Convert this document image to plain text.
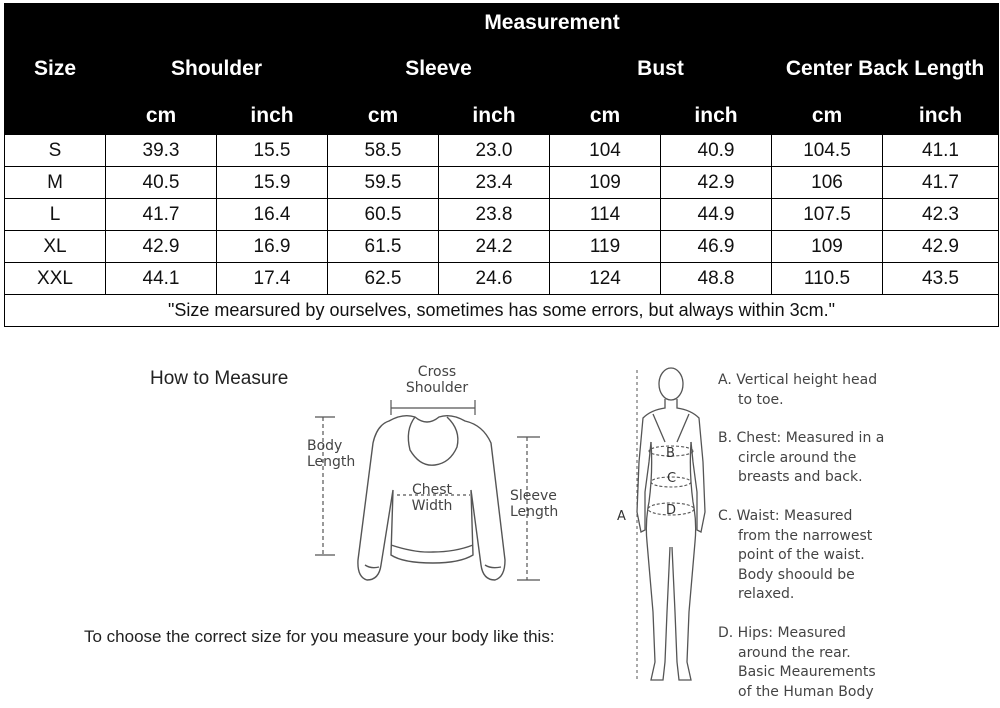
Size	Measurement							
	Shoulder		Sleeve		Bust		Center Back Length	
	cm	inch	cm	inch	cm	inch	cm	inch
S	39.3	15.5	58.5	23.0	104	40.9	104.5	41.1
M	40.5	15.9	59.5	23.4	109	42.9	106	41.7
L	41.7	16.4	60.5	23.8	114	44.9	107.5	42.3
XL	42.9	16.9	61.5	24.2	119	46.9	109	42.9
XXL	44.1	17.4	62.5	24.6	124	48.8	110.5	43.5
"Size mearsured by ourselves, sometimes has some errors, but always within 3cm."								
How to Measure
To choose the correct size for you measure your body like this:
Cross
Shoulder
Body
Length
Chest
Width
Sleeve
Length	A
B
C
D
A. Vertical height head
to toe.
B. Chest: Measured in a
circle around the
breasts and back.
C. Waist: Measured
from the narrowest
point of the waist.
Body shoould be
relaxed.
D. Hips: Measured
around the rear.
Basic Meaurements
of the Human Body
